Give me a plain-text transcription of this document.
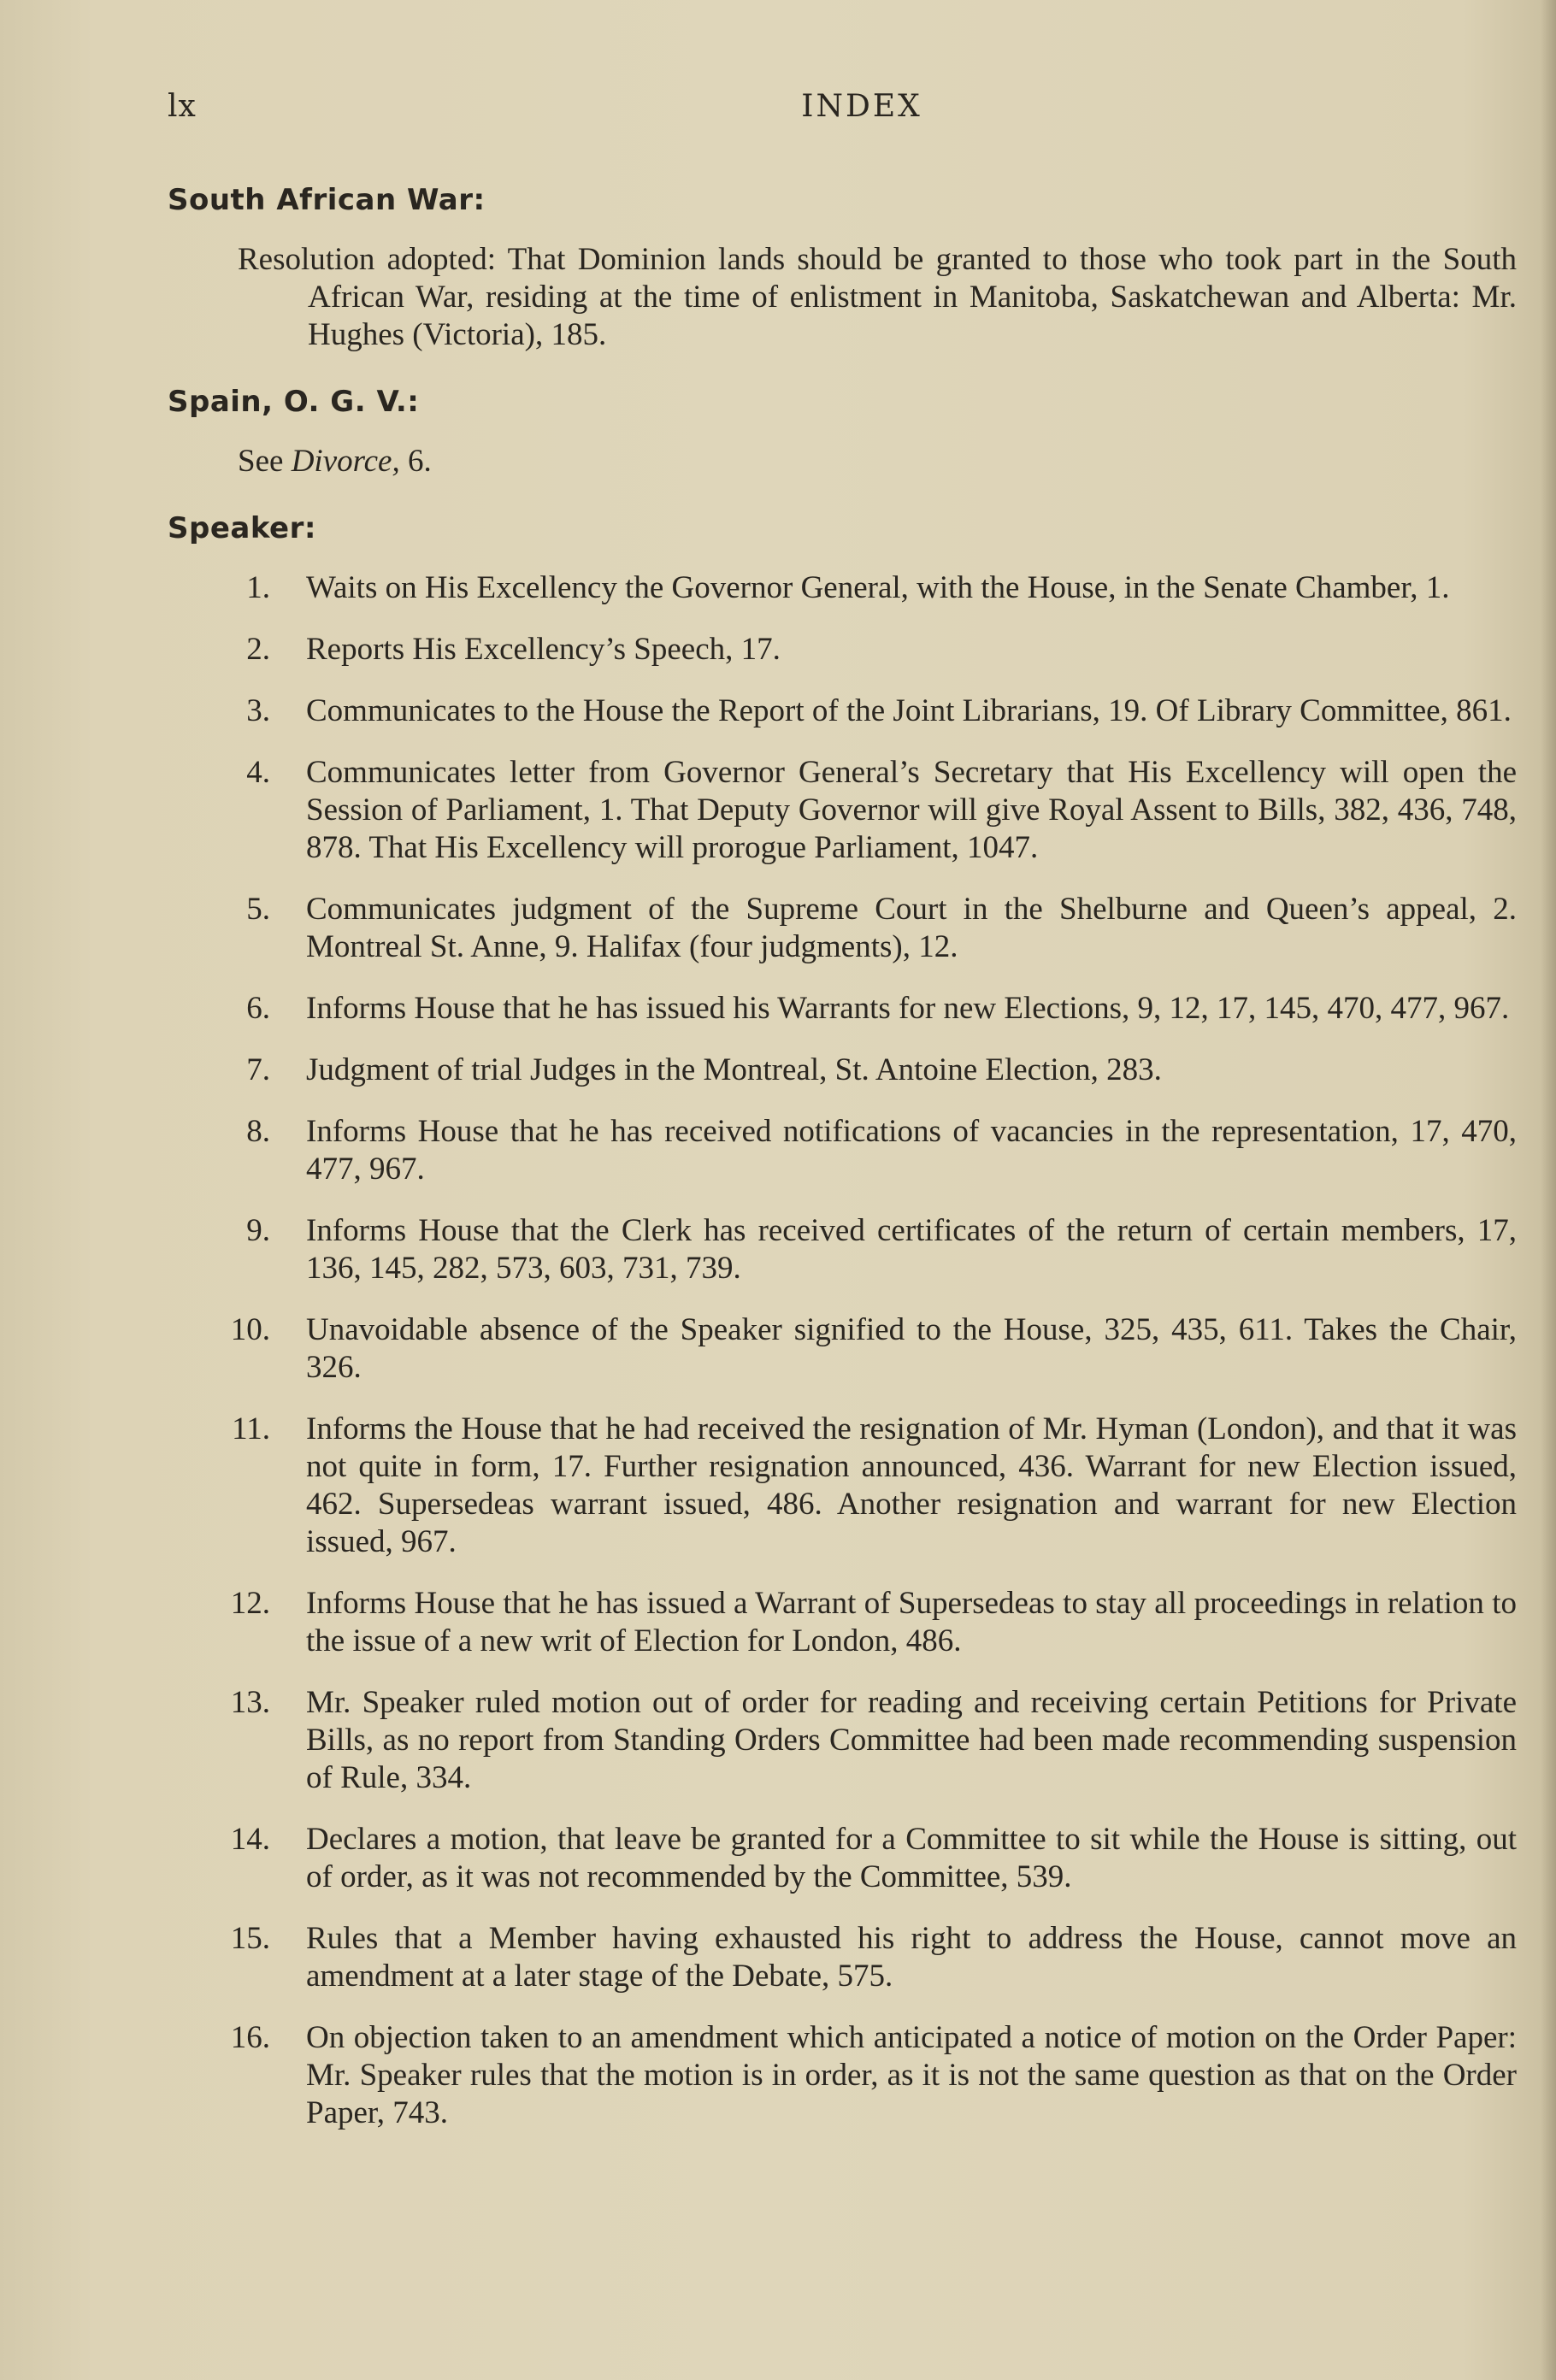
lx	INDEX
South African War:

Resolution adopted: That Dominion lands should be granted to those who took part in the South African War, residing at the time of enlistment in Manitoba, Saskatchewan and Alberta: Mr. Hughes (Victoria), 185.

Spain, O. G. V.:

See Divorce, 6.

Speaker:
1. Waits on His Excellency the Governor General, with the House, in the Senate Chamber, 1.
2. Reports His Excellency’s Speech, 17.
3. Communicates to the House the Report of the Joint Librarians, 19. Of Library Committee, 861.
4. Communicates letter from Governor General’s Secretary that His Excellency will open the Session of Parliament, 1. That Deputy Governor will give Royal Assent to Bills, 382, 436, 748, 878. That His Excellency will prorogue Parliament, 1047.
5. Communicates judgment of the Supreme Court in the Shelburne and Queen’s appeal, 2. Montreal St. Anne, 9. Halifax (four judgments), 12.
6. Informs House that he has issued his Warrants for new Elections, 9, 12, 17, 145, 470, 477, 967.
7. Judgment of trial Judges in the Montreal, St. Antoine Election, 283.
8. Informs House that he has received notifications of vacancies in the representation, 17, 470, 477, 967.
9. Informs House that the Clerk has received certificates of the return of certain members, 17, 136, 145, 282, 573, 603, 731, 739.
10. Unavoidable absence of the Speaker signified to the House, 325, 435, 611. Takes the Chair, 326.
11. Informs the House that he had received the resignation of Mr. Hyman (London), and that it was not quite in form, 17. Further resignation announced, 436. Warrant for new Election issued, 462. Supersedeas warrant issued, 486. Another resignation and warrant for new Election issued, 967.
12. Informs House that he has issued a Warrant of Supersedeas to stay all proceedings in relation to the issue of a new writ of Election for London, 486.
13. Mr. Speaker ruled motion out of order for reading and receiving certain Petitions for Private Bills, as no report from Standing Orders Committee had been made recommending suspension of Rule, 334.
14. Declares a motion, that leave be granted for a Committee to sit while the House is sitting, out of order, as it was not recommended by the Committee, 539.
15. Rules that a Member having exhausted his right to address the House, cannot move an amendment at a later stage of the Debate, 575.
16. On objection taken to an amendment which anticipated a notice of motion on the Order Paper: Mr. Speaker rules that the motion is in order, as it is not the same question as that on the Order Paper, 743.
